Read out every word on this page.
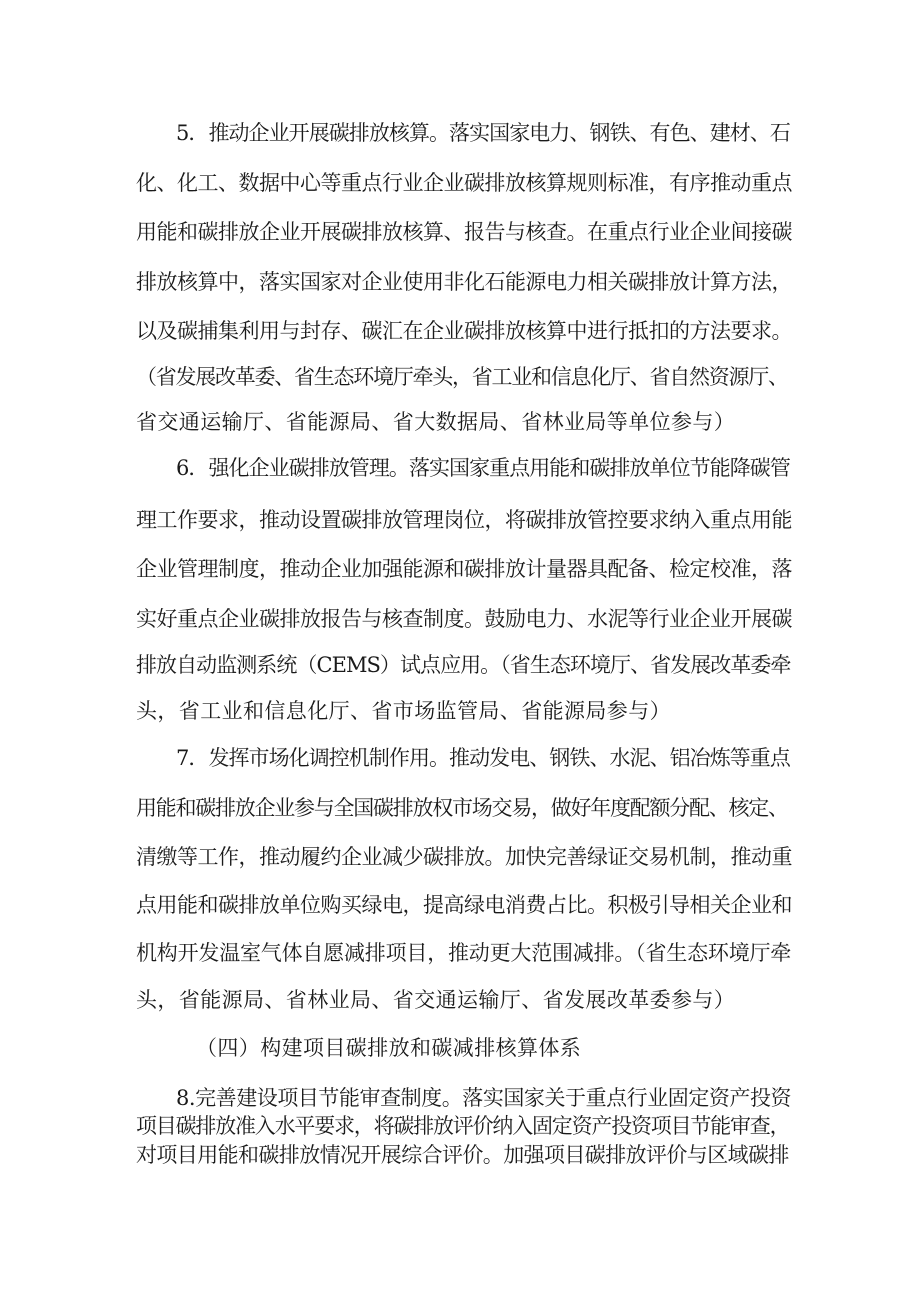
5．推动企业开展碳排放核算。落实国家电力、钢铁、有色、建材、石
化、化工、数据中心等重点行业企业碳排放核算规则标准，有序推动重点
用能和碳排放企业开展碳排放核算、报告与核查。在重点行业企业间接碳
排放核算中，落实国家对企业使用非化石能源电力相关碳排放计算方法，
以及碳捕集利用与封存、碳汇在企业碳排放核算中进行抵扣的方法要求。
（省发展改革委、省生态环境厅牵头，省工业和信息化厅、省自然资源厅、
省交通运输厅、省能源局、省大数据局、省林业局等单位参与）
6．强化企业碳排放管理。落实国家重点用能和碳排放单位节能降碳管
理工作要求，推动设置碳排放管理岗位，将碳排放管控要求纳入重点用能
企业管理制度，推动企业加强能源和碳排放计量器具配备、检定校准，落
实好重点企业碳排放报告与核查制度。鼓励电力、水泥等行业企业开展碳
排放自动监测系统（CEMS）试点应用。（省生态环境厅、省发展改革委牵
头，省工业和信息化厅、省市场监管局、省能源局参与）
7．发挥市场化调控机制作用。推动发电、钢铁、水泥、铝冶炼等重点
用能和碳排放企业参与全国碳排放权市场交易，做好年度配额分配、核定、
清缴等工作，推动履约企业减少碳排放。加快完善绿证交易机制，推动重
点用能和碳排放单位购买绿电，提高绿电消费占比。积极引导相关企业和
机构开发温室气体自愿减排项目，推动更大范围减排。（省生态环境厅牵
头，省能源局、省林业局、省交通运输厅、省发展改革委参与）
（四）构建项目碳排放和碳减排核算体系
8.完善建设项目节能审查制度。落实国家关于重点行业固定资产投资
项目碳排放准入水平要求，将碳排放评价纳入固定资产投资项目节能审查，
对项目用能和碳排放情况开展综合评价。加强项目碳排放评价与区域碳排
